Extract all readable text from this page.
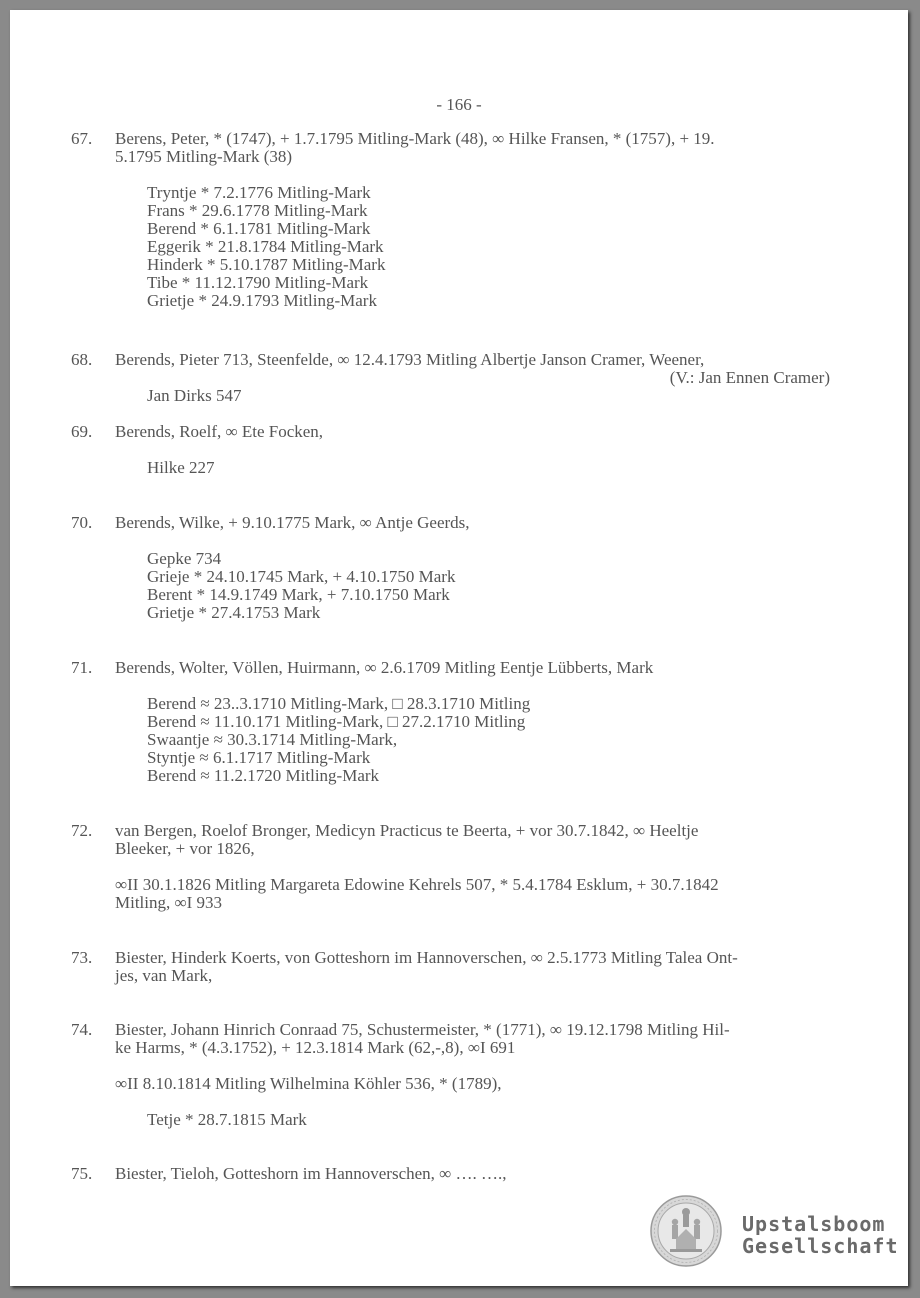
- 166 -
67. Berens, Peter, * (1747), + 1.7.1795 Mitling-Mark (48), ∞ Hilke Fransen, * (1757), + 19.
5.1795 Mitling-Mark (38)
Tryntje * 7.2.1776 Mitling-Mark
Frans * 29.6.1778 Mitling-Mark
Berend * 6.1.1781 Mitling-Mark
Eggerik * 21.8.1784 Mitling-Mark
Hinderk * 5.10.1787 Mitling-Mark
Tibe * 11.12.1790 Mitling-Mark
Grietje * 24.9.1793 Mitling-Mark
68. Berends, Pieter 713, Steenfelde, ∞ 12.4.1793 Mitling Albertje Janson Cramer, Weener,
(V.: Jan Ennen Cramer)
Jan Dirks 547
69. Berends, Roelf, ∞ Ete Focken,
Hilke 227
70. Berends, Wilke, + 9.10.1775 Mark, ∞ Antje Geerds,
Gepke 734
Grieje * 24.10.1745 Mark, + 4.10.1750 Mark
Berent * 14.9.1749 Mark, + 7.10.1750 Mark
Grietje * 27.4.1753 Mark
71. Berends, Wolter, Völlen, Huirmann, ∞ 2.6.1709 Mitling Eentje Lübberts, Mark
Berend ≈ 23..3.1710 Mitling-Mark, □ 28.3.1710 Mitling
Berend ≈ 11.10.171 Mitling-Mark, □ 27.2.1710 Mitling
Swaantje ≈ 30.3.1714 Mitling-Mark,
Styntje ≈ 6.1.1717 Mitling-Mark
Berend ≈ 11.2.1720 Mitling-Mark
72. van Bergen, Roelof Bronger, Medicyn Practicus te Beerta, + vor 30.7.1842, ∞ Heeltje
Bleeker, + vor 1826,
∞II 30.1.1826 Mitling Margareta Edowine Kehrels 507, * 5.4.1784 Esklum, + 30.7.1842
Mitling, ∞I 933
73. Biester, Hinderk Koerts, von Gotteshorn im Hannoverschen, ∞ 2.5.1773 Mitling Talea Ont-
jes, van Mark,
74. Biester, Johann Hinrich Conraad 75, Schustermeister, * (1771), ∞ 19.12.1798 Mitling Hil-
ke Harms, * (4.3.1752), + 12.3.1814 Mark (62,-,8), ∞I 691
∞II 8.10.1814 Mitling Wilhelmina Köhler 536, * (1789),
Tetje * 28.7.1815 Mark
75. Biester, Tieloh, Gotteshorn im Hannoverschen, ∞ …. ….,
Upstalsboom
Gesellschaft
